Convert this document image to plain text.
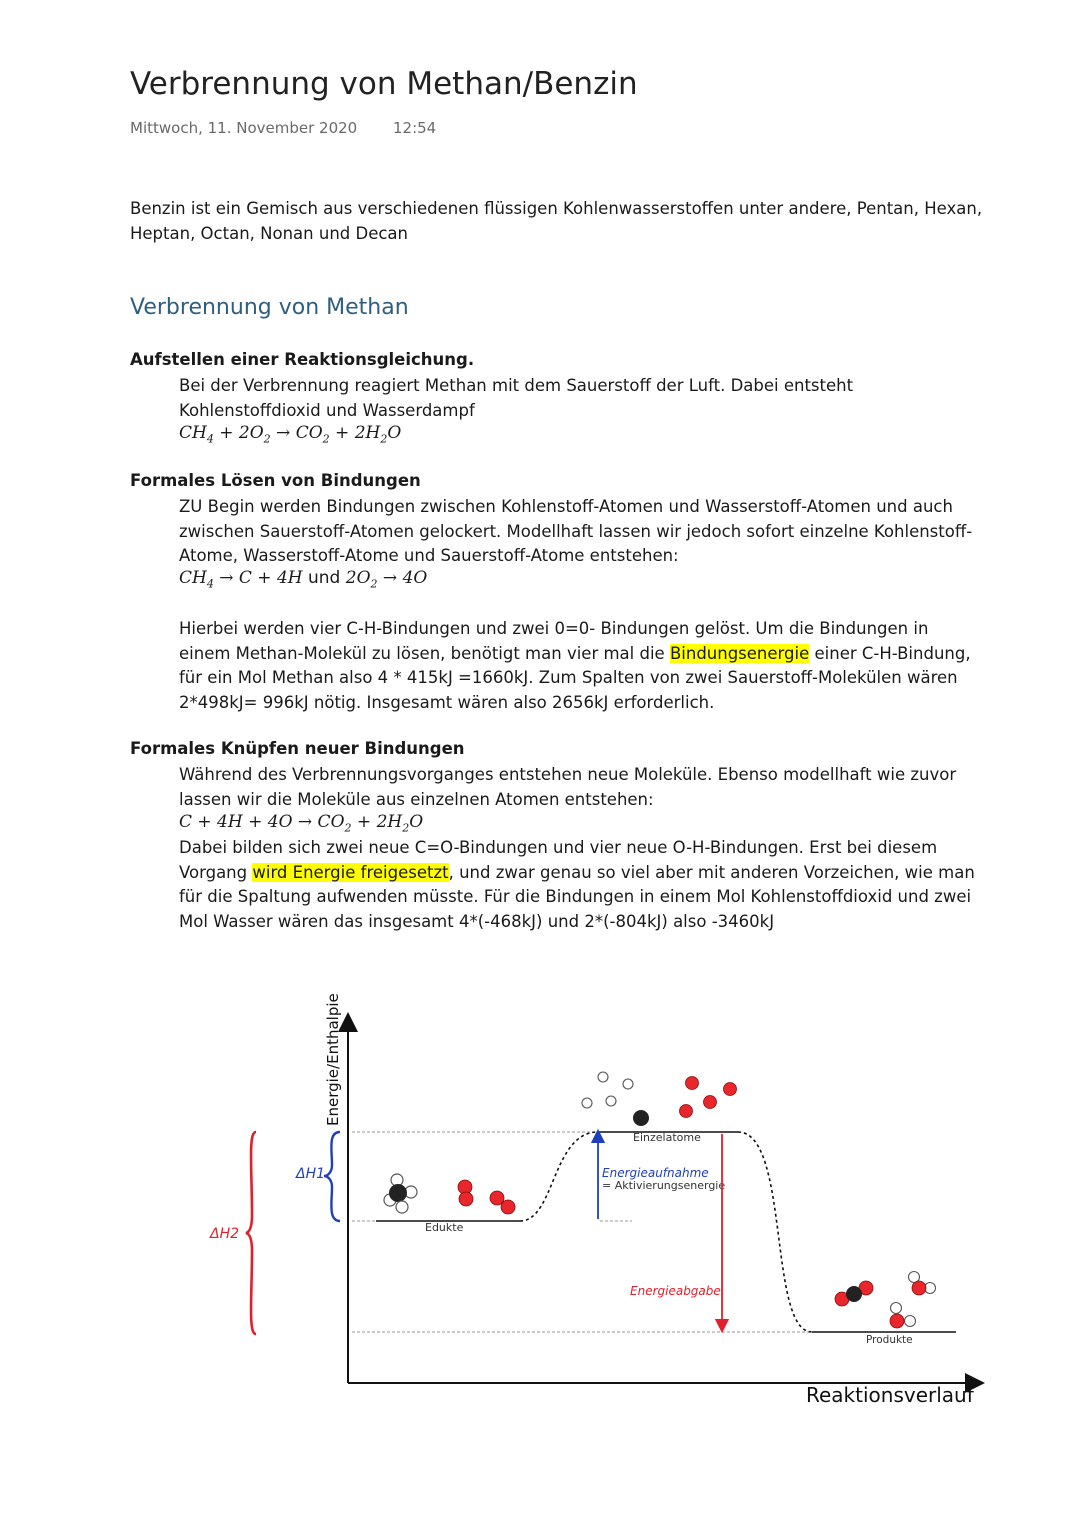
Verbrennung von Methan/Benzin
Mittwoch, 11. November 2020 12:54

Benzin ist ein Gemisch aus verschiedenen flüssigen Kohlenwasserstoffen unter andere, Pentan, Hexan, Heptan, Octan, Nonan und Decan

Verbrennung von Methan
Aufstellen einer Reaktionsgleichung.

Bei der Verbrennung reagiert Methan mit dem Sauerstoff der Luft. Dabei entsteht Kohlenstoffdioxid und Wasserdampf

$CH_4 + 2O_2 \to CO_2 + 2H_2O$
Formales Lösen von Bindungen

ZU Begin werden Bindungen zwischen Kohlenstoff-Atomen und Wasserstoff-Atomen und auch zwischen Sauerstoff-Atomen gelockert. Modellhaft lassen wir jedoch sofort einzelne Kohlenstoff-Atome, Wasserstoff-Atome und Sauerstoff-Atome entstehen:

$CH_4 \to C + 4H$ und $2O_2 \to 4O$

Hierbei werden vier C-H-Bindungen und zwei 0=0- Bindungen gelöst. Um die Bindungen in einem Methan-Molekül zu lösen, benötigt man vier mal die Bindungsenergie einer C-H-Bindung, für ein Mol Methan also 4 * 415kJ =1660kJ. Zum Spalten von zwei Sauerstoff-Molekülen wären 2*498kJ= 996kJ nötig. Insgesamt wären also 2656kJ erforderlich.

Formales Knüpfen neuer Bindungen

Während des Verbrennungsvorganges entstehen neue Moleküle. Ebenso modellhaft wie zuvor lassen wir die Moleküle aus einzelnen Atomen entstehen:

$C + 4H + 4O \to CO_2 + 2H_2O$

Dabei bilden sich zwei neue C=O-Bindungen und vier neue O-H-Bindungen. Erst bei diesem Vorgang wird Energie freigesetzt, und zwar genau so viel aber mit anderen Vorzeichen, wie man für die Spaltung aufwenden müsste. Für die Bindungen in einem Mol Kohlenstoffdioxid und zwei Mol Wasser wären das insgesamt 4*(-468kJ) und 2*(-804kJ) also -3460kJ

Energie/Enthalpie
Reaktionsverlauf
Edukte
Einzelatome
Produkte
Energieaufnahme
= Aktivierungsenergie
Energieabgabe
ΔH1
ΔH2
